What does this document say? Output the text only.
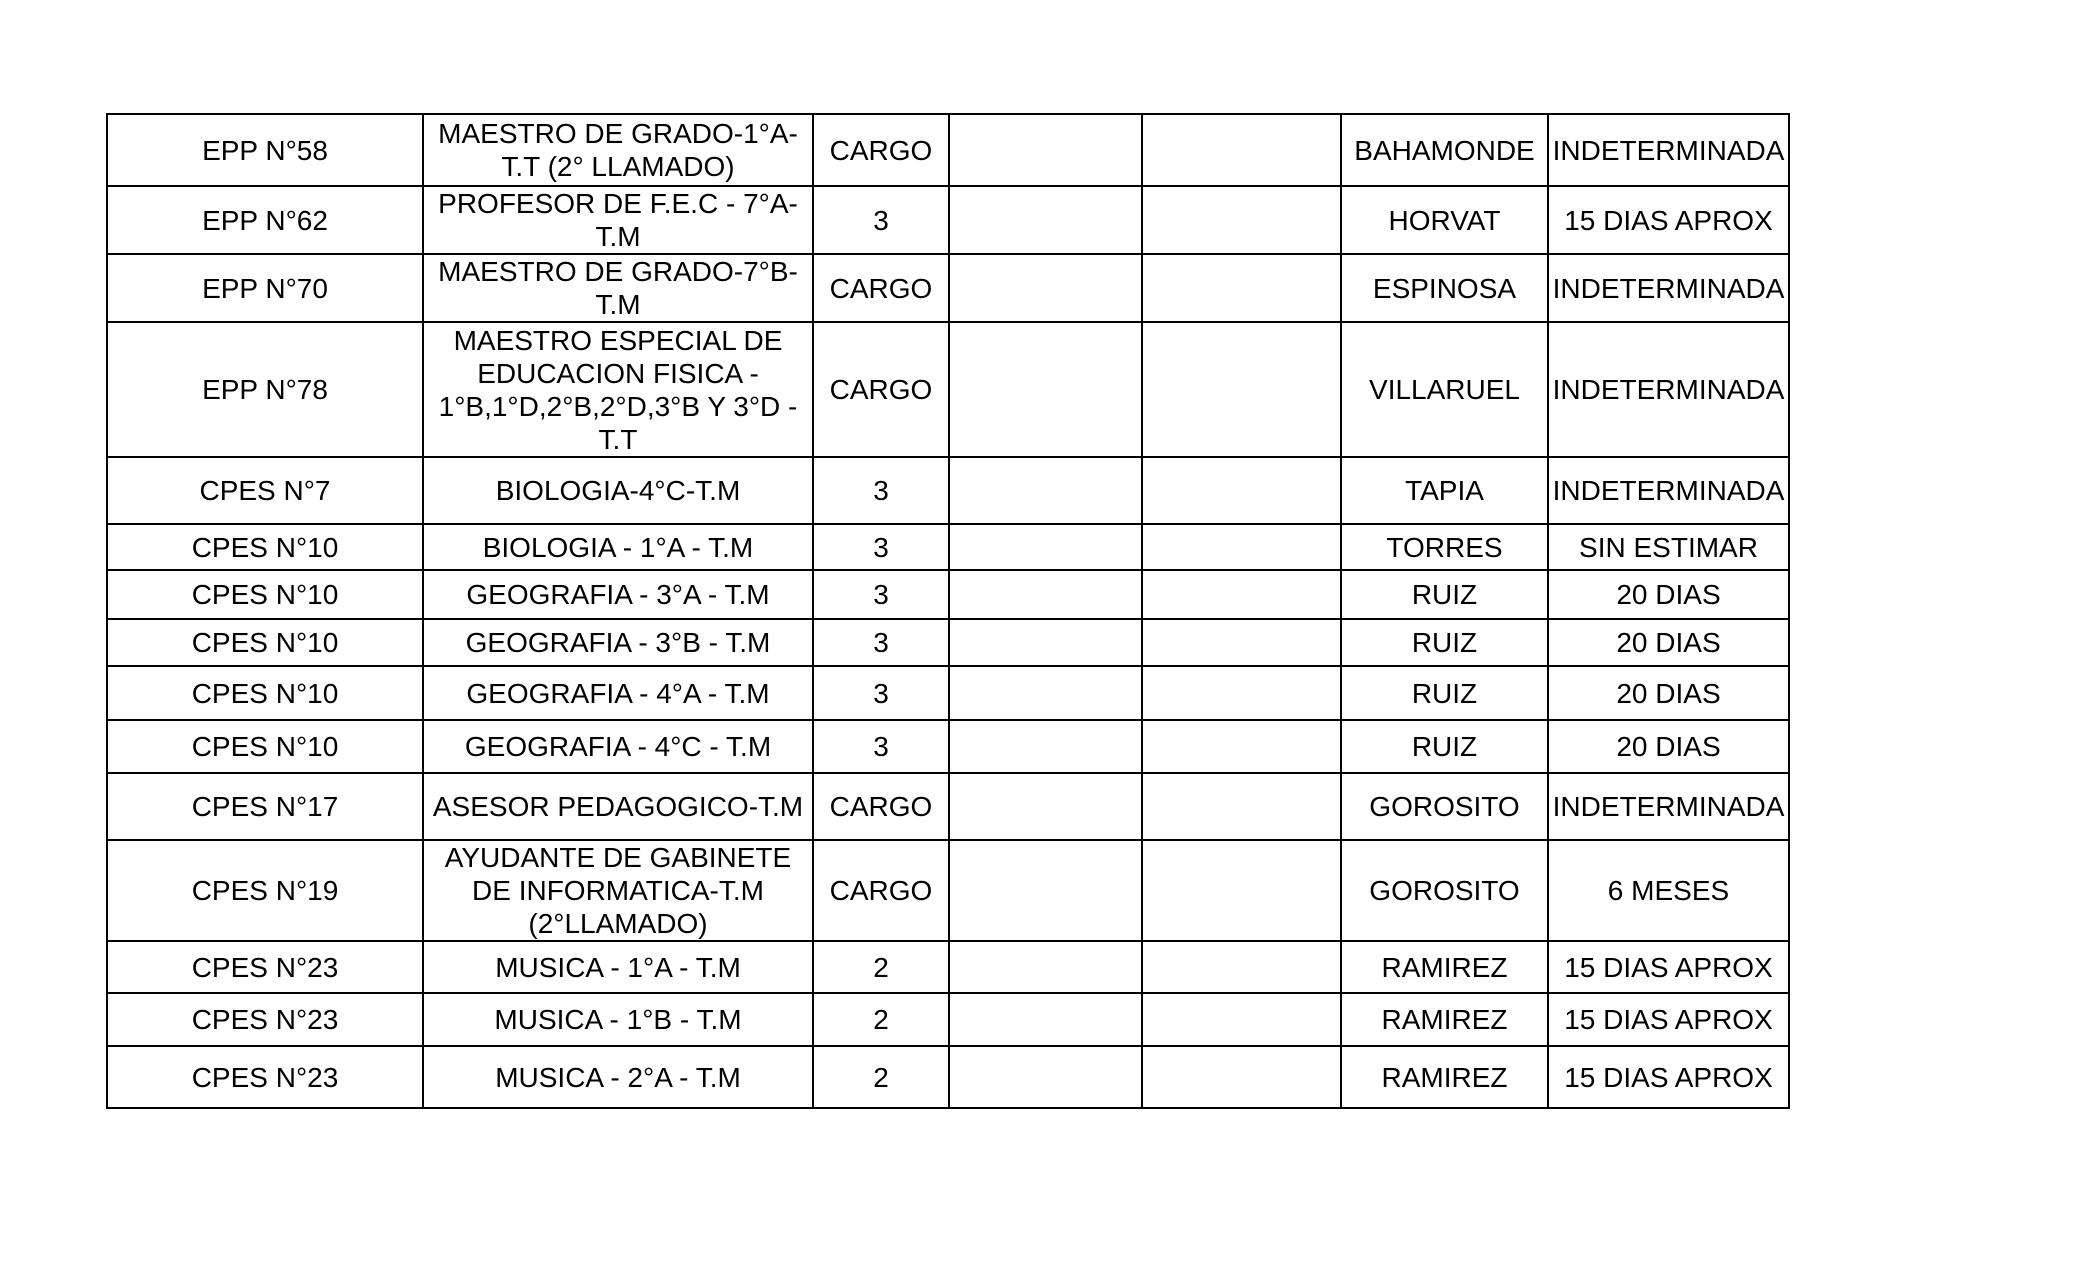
EPP N°58	MAESTRO DE GRADO-1°A-T.T (2° LLAMADO)	CARGO			BAHAMONDE	INDETERMINADA
EPP N°62	PROFESOR DE F.E.C - 7°A-T.M	3			HORVAT	15 DIAS APROX
EPP N°70	MAESTRO DE GRADO-7°B-T.M	CARGO			ESPINOSA	INDETERMINADA
EPP N°78	MAESTRO ESPECIAL DE EDUCACION FISICA - 1°B,1°D,2°B,2°D,3°B Y 3°D - T.T	CARGO			VILLARUEL	INDETERMINADA
CPES N°7	BIOLOGIA-4°C-T.M	3			TAPIA	INDETERMINADA
CPES N°10	BIOLOGIA - 1°A - T.M	3			TORRES	SIN ESTIMAR
CPES N°10	GEOGRAFIA - 3°A - T.M	3			RUIZ	20 DIAS
CPES N°10	GEOGRAFIA - 3°B - T.M	3			RUIZ	20 DIAS
CPES N°10	GEOGRAFIA - 4°A - T.M	3			RUIZ	20 DIAS
CPES N°10	GEOGRAFIA - 4°C - T.M	3			RUIZ	20 DIAS
CPES N°17	ASESOR PEDAGOGICO-T.M	CARGO			GOROSITO	INDETERMINADA
CPES N°19	AYUDANTE DE GABINETE DE INFORMATICA-T.M (2°LLAMADO)	CARGO			GOROSITO	6 MESES
CPES N°23	MUSICA - 1°A - T.M	2			RAMIREZ	15 DIAS APROX
CPES N°23	MUSICA - 1°B - T.M	2			RAMIREZ	15 DIAS APROX
CPES N°23	MUSICA - 2°A - T.M	2			RAMIREZ	15 DIAS APROX
